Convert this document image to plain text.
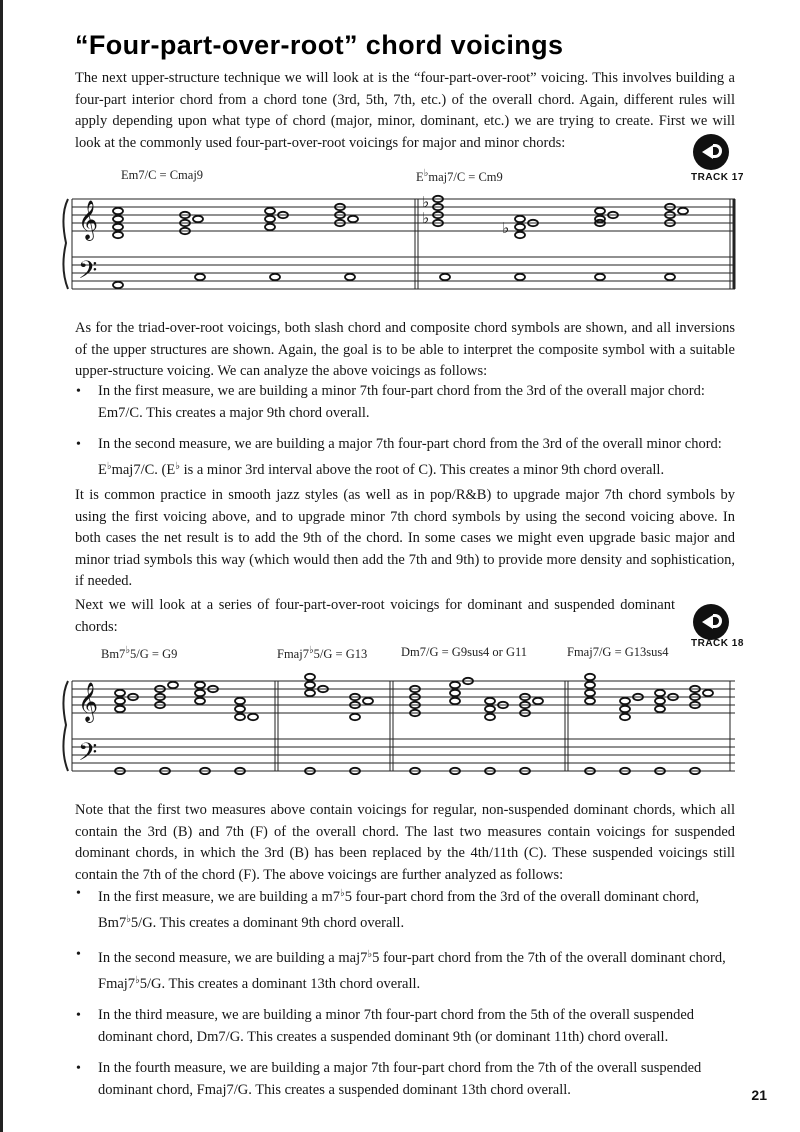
“Four-part-over-root” chord voicings

The next upper-structure technique we will look at is the “four-part-over-root” voicing. This involves building a four-part interior chord from a chord tone (3rd, 5th, 7th, etc.) of the overall chord. Again, different rules will apply depending upon what type of chord (major, minor, dominant, etc.) we are trying to create. First we will look at the commonly used four-part-over-root voicings for major and minor chords:

TRACK 17
Em7/C = Cmaj9	E♭maj7/C = Cm9
𝄞
𝄢
♭
♭
♭

As for the triad-over-root voicings, both slash chord and composite chord symbols are shown, and all inversions of the upper structures are shown. Again, the goal is to be able to interpret the composite symbol with a suitable upper-structure voicing. We can analyze the above voicings as follows:

• In the first measure, we are building a minor 7th four-part chord from the 3rd of the overall major chord: Em7/C. This creates a major 9th chord overall.
• In the second measure, we are building a major 7th four-part chord from the 3rd of the overall minor chord: E♭maj7/C. (E♭ is a minor 3rd interval above the root of C). This creates a minor 9th chord overall.

It is common practice in smooth jazz styles (as well as in pop/R&B) to upgrade major 7th chord symbols by using the first voicing above, and to upgrade minor 7th chord symbols by using the second voicing above. In both cases the net result is to add the 9th of the chord. In some cases we might even upgrade basic major and minor triad symbols this way (which would then add the 7th and 9th) to provide more density and sophistication, if needed.

Next we will look at a series of four-part-over-root voicings for dominant and suspended dominant chords:

TRACK 18
Bm7♭5/G = G9	Fmaj7♭5/G = G13	Dm7/G = G9sus4 or G11	Fmaj7/G = G13sus4
𝄞
𝄢

Note that the first two measures above contain voicings for regular, non-suspended dominant chords, which all contain the 3rd (B) and 7th (F) of the overall chord. The last two measures contain voicings for suspended dominant chords, in which the 3rd (B) has been replaced by the 4th/11th (C). These suspended voicings still contain the 7th of the chord (F). The above voicings are further analyzed as follows:

• In the first measure, we are building a m7♭5 four-part chord from the 3rd of the overall dominant chord, Bm7♭5/G. This creates a dominant 9th chord overall.
• In the second measure, we are building a maj7♭5 four-part chord from the 7th of the overall dominant chord, Fmaj7♭5/G. This creates a dominant 13th chord overall.
• In the third measure, we are building a minor 7th four-part chord from the 5th of the overall suspended dominant chord, Dm7/G. This creates a suspended dominant 9th (or dominant 11th) chord overall.
• In the fourth measure, we are building a major 7th four-part chord from the 7th of the overall suspended dominant chord, Fmaj7/G. This creates a suspended dominant 13th chord overall.	21
